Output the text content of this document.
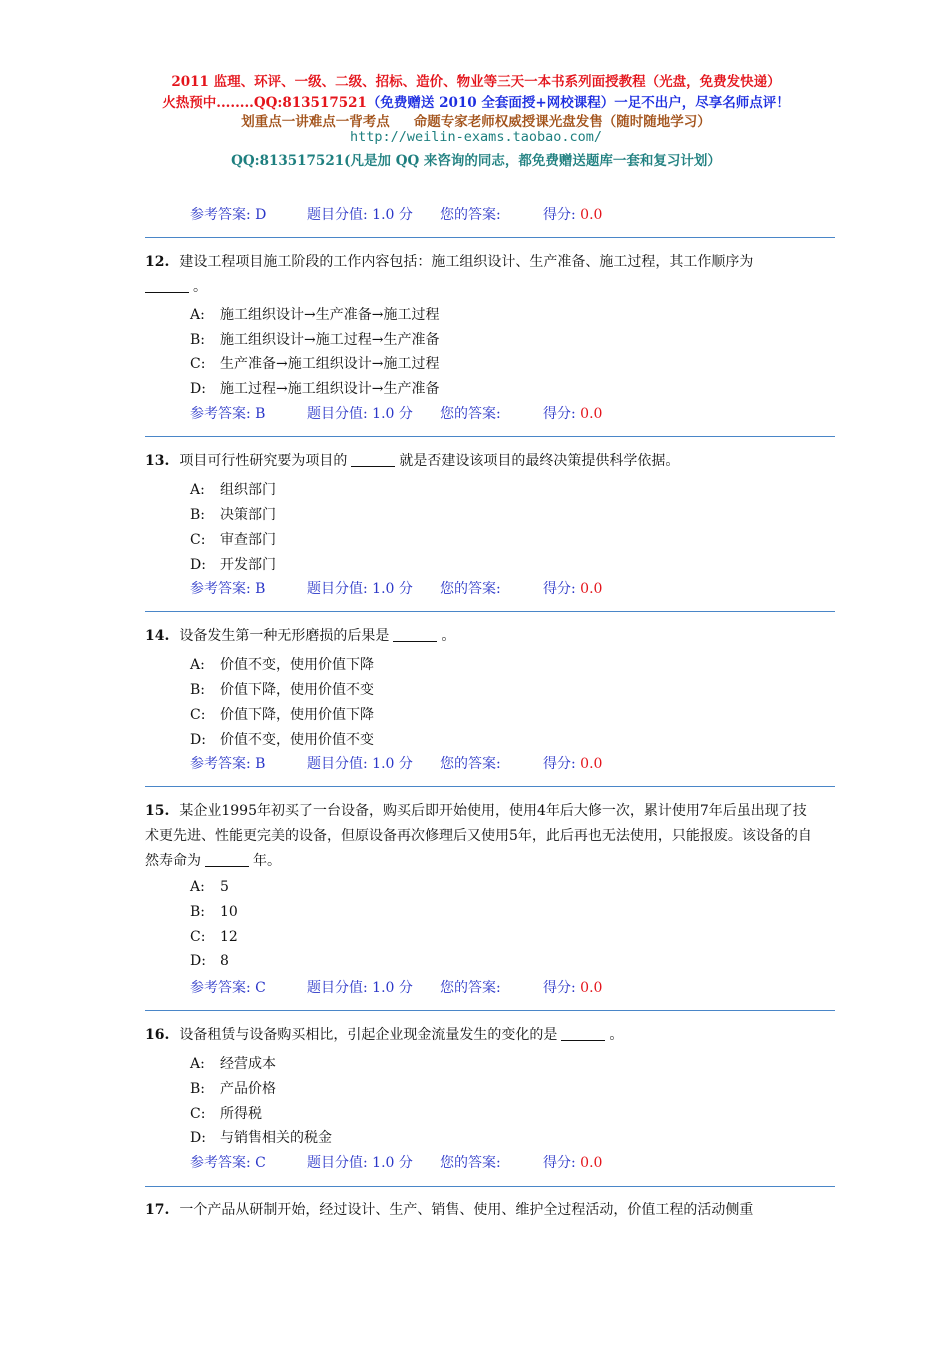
2011 监理、环评、一级、二级、招标、造价、物业等三天一本书系列面授教程（光盘，免费发快递）
火热预中........QQ:813517521（免费赠送 2010 全套面授+网校课程）一足不出户，尽享名师点评！
划重点一讲难点一背考点 命题专家老师权威授课光盘发售（随时随地学习）
http://weilin-exams.taobao.com/
QQ:813517521(凡是加 QQ 来咨询的同志，都免费赠送题库一套和复习计划）
参考答案: D	题目分值: 1.0 分 您的答案:	得分: 0.0
12. 建设工程项目施工阶段的工作内容包括：施工组织设计、生产准备、施工过程，其工作顺序为
。
A: 施工组织设计→生产准备→施工过程
B: 施工组织设计→施工过程→生产准备
C: 生产准备→施工组织设计→施工过程
D: 施工过程→施工组织设计→生产准备
参考答案: B	题目分值: 1.0 分 您的答案:	得分: 0.0
13. 项目可行性研究要为项目的	就是否建设该项目的最终决策提供科学依据。
A: 组织部门
B: 决策部门
C: 审查部门
D: 开发部门
参考答案: B	题目分值: 1.0 分 您的答案:	得分: 0.0
14. 设备发生第一种无形磨损的后果是	。
A: 价值不变，使用价值下降
B: 价值下降，使用价值不变
C: 价值下降，使用价值下降
D: 价值不变，使用价值不变
参考答案: B	题目分值: 1.0 分 您的答案:	得分: 0.0
15. 某企业1995年初买了一台设备，购买后即开始使用，使用4年后大修一次，累计使用7年后虽出现了技术更先进、性能更完美的设备，但原设备再次修理后又使用5年，此后再也无法使用，只能报废。该设备的自然寿命为	年。
A: 5
B: 10
C: 12
D: 8
参考答案: C	题目分值: 1.0 分 您的答案:	得分: 0.0
16. 设备租赁与设备购买相比，引起企业现金流量发生的变化的是	。
A: 经营成本
B: 产品价格
C: 所得税
D: 与销售相关的税金
参考答案: C	题目分值: 1.0 分 您的答案:	得分: 0.0
17. 一个产品从研制开始，经过设计、生产、销售、使用、维护全过程活动，价值工程的活动侧重
